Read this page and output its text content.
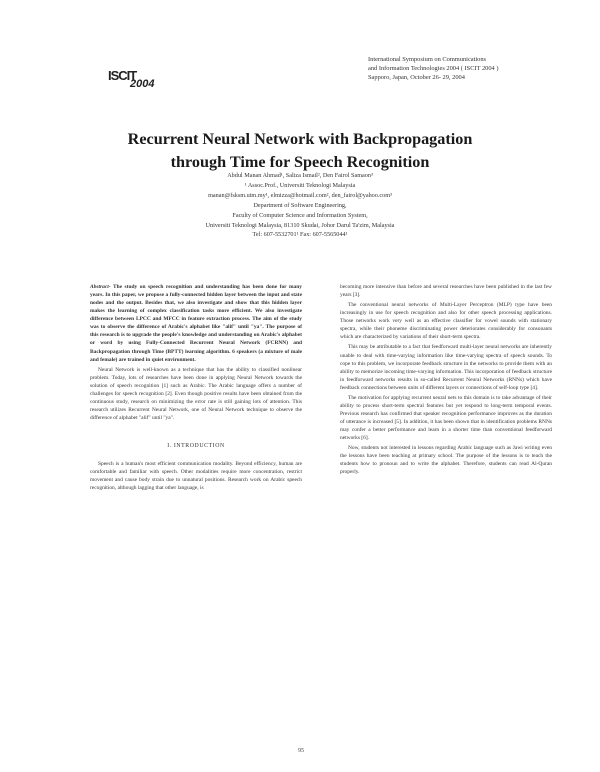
ISCIT
2004
International Symposium on Communications
and Information Technologies 2004 ( ISCIT 2004 )
Sapporo, Japan, October 26- 29, 2004
Recurrent Neural Network with Backpropagation
through Time for Speech Recognition
Abdul Manan Ahmad¹, Saliza Ismail², Den Fairol Samaon³
¹ Assoc.Prof., Universiti Teknologi Malaysia
manan@fsksm.utm.my¹, elmizza@hotmail.com², den_fairol@yahoo.com³
Department of Software Engineering,
Faculty of Computer Science and Information System,
Universiti Teknologi Malaysia, 81310 Skudai, Johor Darul Ta'zim, Malaysia
Tel: 607-5532701¹ Fax: 607-5565044¹

Abstract- The study on speech recognition and understanding has been done for many years. In this paper, we propose a fully-connected hidden layer between the input and state nodes and the output. Besides that, we also investigate and show that this hidden layer makes the learning of complex classification tasks more efficient. We also investigate difference between LPCC and MFCC in feature extraction process. The aim of the study was to observe the difference of Arabic's alphabet like "alif" until "ya". The purpose of this research is to upgrade the people's knowledge and understanding on Arabic's alphabet or word by using Fully-Connected Recurrent Neural Network (FCRNN) and Backpropagation through Time (BPTT) learning algorithm. 6 speakers (a mixture of male and female) are trained in quiet environment.

Neural Network is well-known as a technique that has the ability to classified nonlinear problem. Today, lots of researches have been done in applying Neural Network towards the solution of speech recognition [1] such as Arabic. The Arabic language offers a number of challenges for speech recognition [2]. Even though positive results have been obtained from the continuous study, research on minimizing the error rate is still gaining lots of attention. This research utilizes Recurrent Neural Network, one of Neural Network technique to observe the difference of alphabet "alif" until "ya".

I. INTRODUCTION

Speech is a human's most efficient communication modality. Beyond efficiency, human are comfortable and familiar with speech. Other modalities require more concentration, restrict movement and cause body strain due to unnatural positions. Research work on Arabic speech recognition, although lagging that other language, is

becoming more intensive than before and several researches have been published in the last few years [3].

The conventional neural networks of Multi-Layer Perceptron (MLP) type have been increasingly in use for speech recognition and also for other speech processing applications. Those networks work very well as an effective classifier for vowel sounds with stationary spectra, while their phoneme discriminating power deteriorates considerably for consonants which are characterized by variations of their short-term spectra.

This may be attributable to a fact that feedforward multi-layer neural networks are inherently unable to deal with time-varying information like time-varying spectra of speech sounds. To cope to this problem, we incorporate feedback structure in the networks to provide them with an ability to memorize incoming time-varying information. This incorporation of feedback structure in feedforward networks results in so-called Recurrent Neural Networks (RNNs) which have feedback connections between units of different layers or connections of self-loop type [4].

The motivation for applying recurrent neural nets to this domain is to take advantage of their ability to process short-term spectral features but yet respond to long-term temporal events. Previous research has confirmed that speaker recognition performance improves as the duration of utterance is increased [5]. In addition, it has been shown that in identification problems RNNs may confer a better performance and learn in a shorter time than conventional feedforward networks [6].

Now, students not interested in lessons regarding Arabic language such as Jawi writing even the lessons have been teaching at primary school. The purpose of the lessons is to teach the students how to pronoun and to write the alphabet. Therefore, students can read Al-Quran properly.

95
